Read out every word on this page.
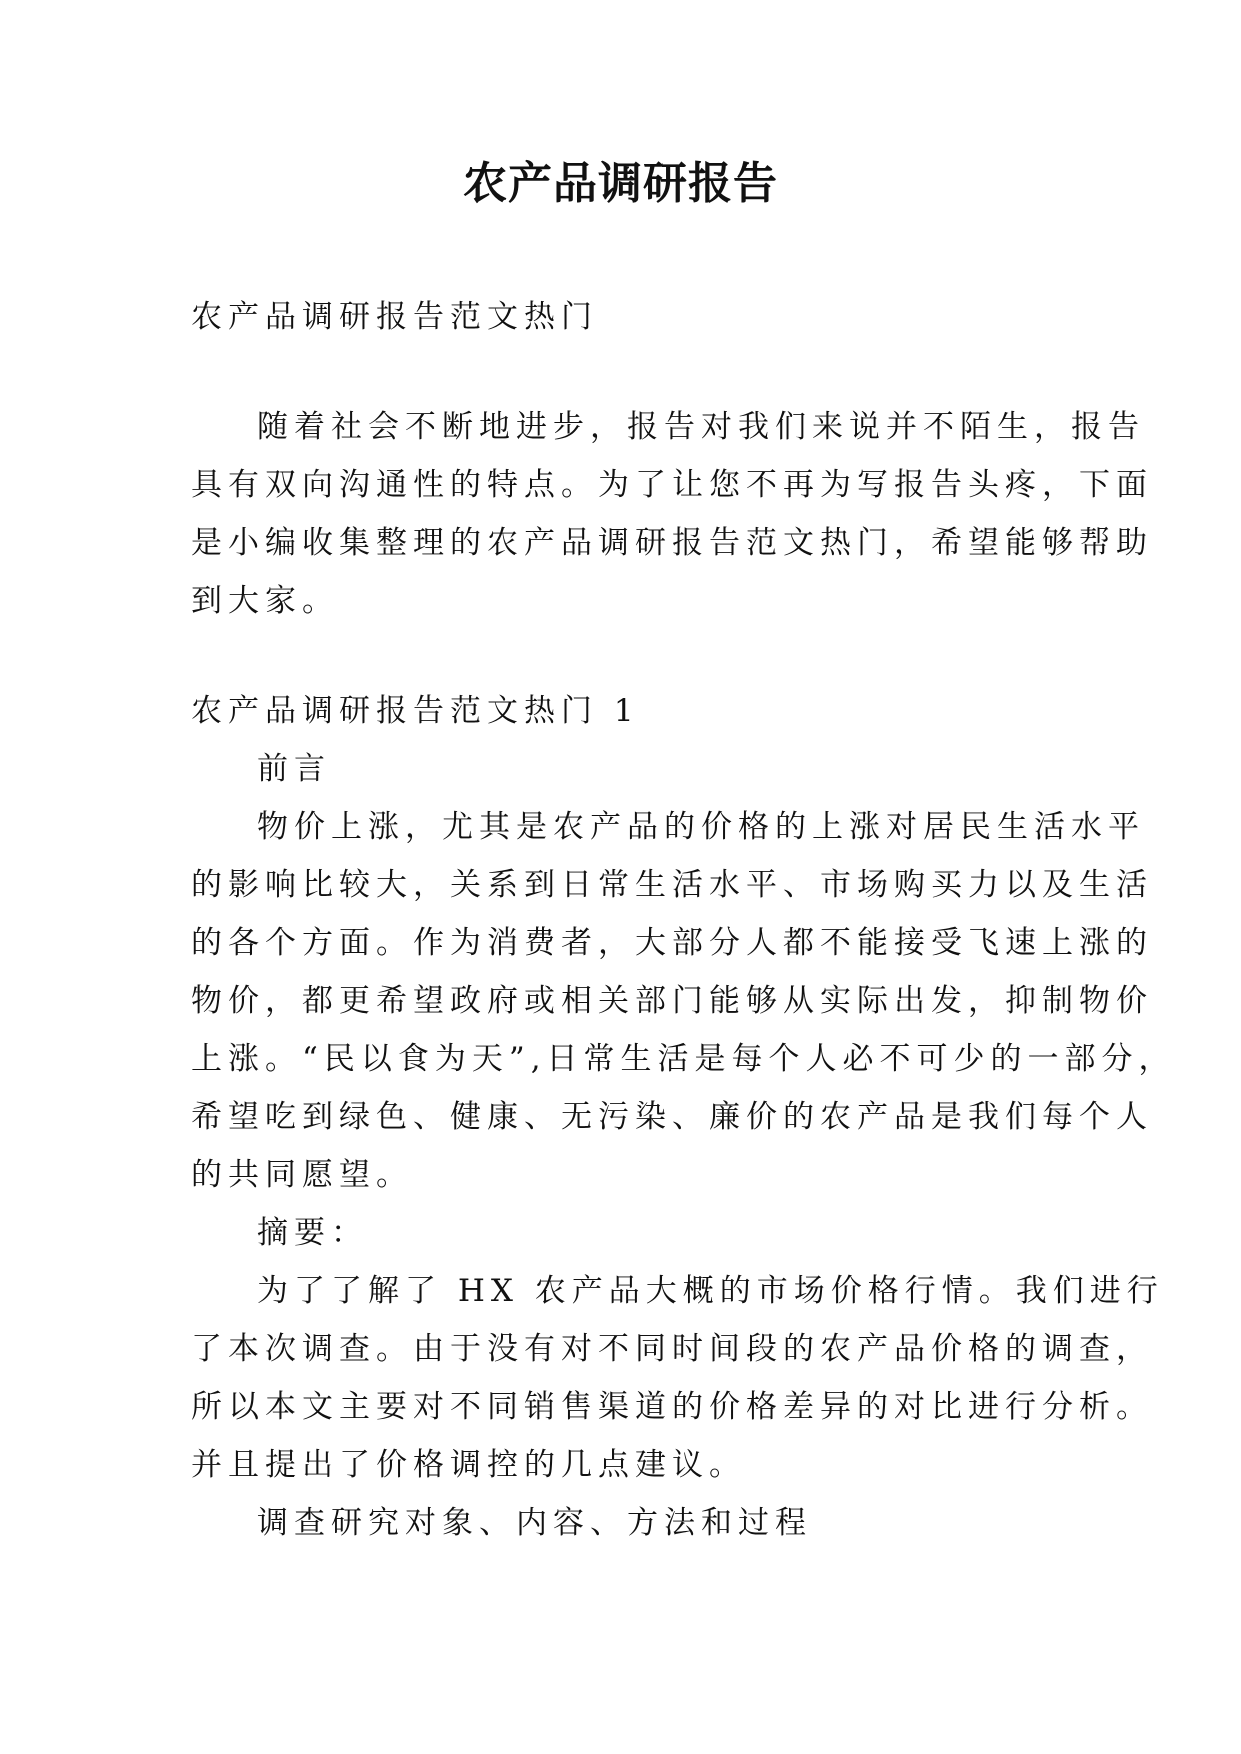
农产品调研报告
农产品调研报告范文热门
随着社会不断地进步，报告对我们来说并不陌生，报告
具有双向沟通性的特点。为了让您不再为写报告头疼，下面
是小编收集整理的农产品调研报告范文热门，希望能够帮助
到大家。
农产品调研报告范文热门 1
前言
物价上涨，尤其是农产品的价格的上涨对居民生活水平
的影响比较大，关系到日常生活水平、市场购买力以及生活
的各个方面。作为消费者，大部分人都不能接受飞速上涨的
物价，都更希望政府或相关部门能够从实际出发，抑制物价
上涨。“民以食为天”,日常生活是每个人必不可少的一部分，
希望吃到绿色、健康、无污染、廉价的农产品是我们每个人
的共同愿望。
摘要：
为了了解了 HX 农产品大概的市场价格行情。我们进行
了本次调查。由于没有对不同时间段的农产品价格的调查，
所以本文主要对不同销售渠道的价格差异的对比进行分析。
并且提出了价格调控的几点建议。
调查研究对象、内容、方法和过程
